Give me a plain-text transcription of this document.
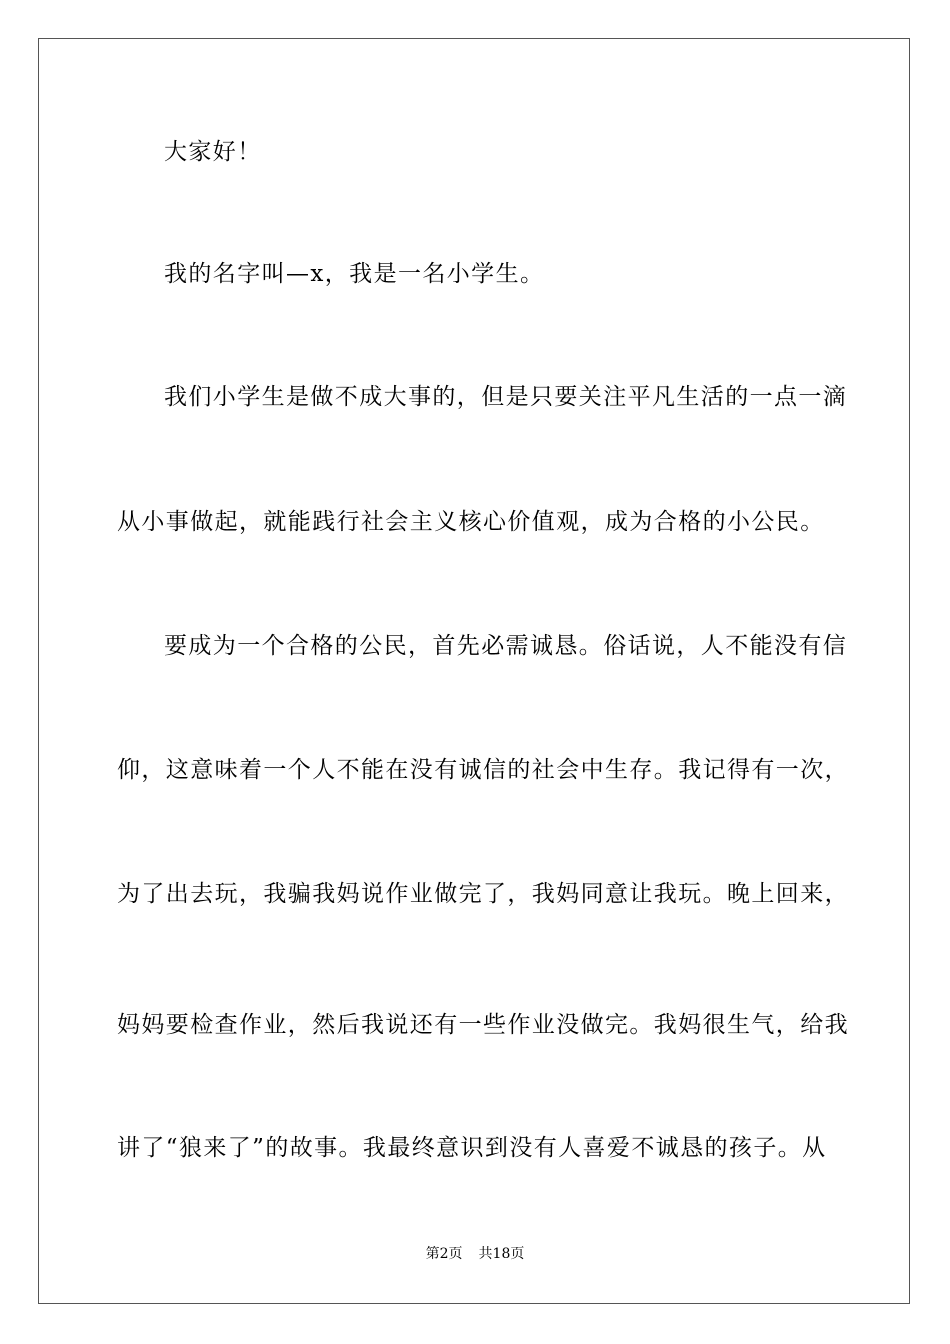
大家好！
我的名字叫—x，我是一名小学生。
我们小学生是做不成大事的，但是只要关注平凡生活的一点一滴
从小事做起，就能践行社会主义核心价值观，成为合格的小公民。
要成为一个合格的公民，首先必需诚恳。俗话说，人不能没有信
仰，这意味着一个人不能在没有诚信的社会中生存。我记得有一次，
为了出去玩，我骗我妈说作业做完了，我妈同意让我玩。晚上回来，
妈妈要检查作业，然后我说还有一些作业没做完。我妈很生气，给我
讲了“狼来了”的故事。我最终意识到没有人喜爱不诚恳的孩子。从
第2页 共18页
